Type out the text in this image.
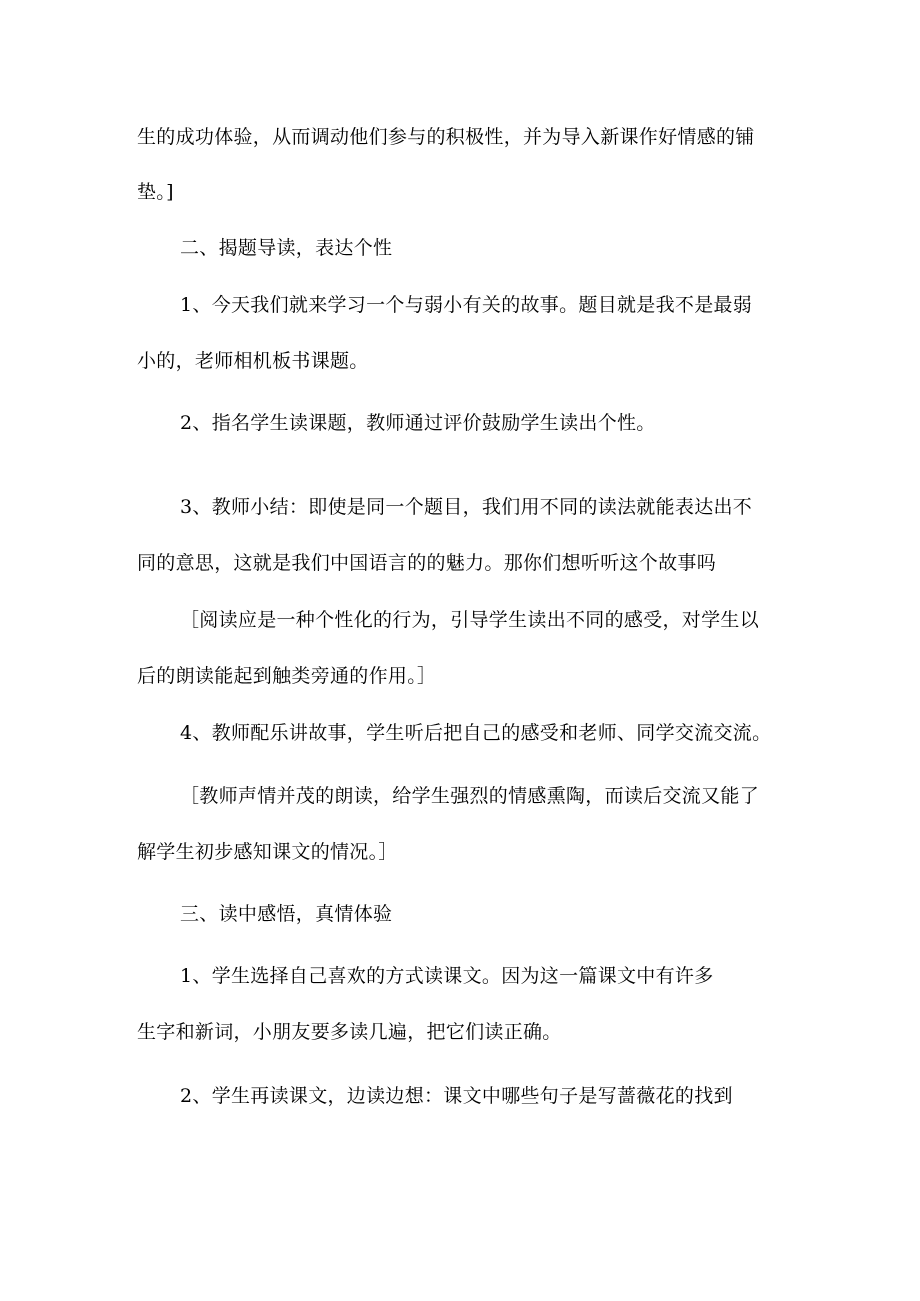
生的成功体验，从而调动他们参与的积极性，并为导入新课作好情感的铺
垫。]
二、揭题导读，表达个性
1、今天我们就来学习一个与弱小有关的故事。题目就是我不是最弱
小的，老师相机板书课题。
2、指名学生读课题，教师通过评价鼓励学生读出个性。
3、教师小结：即使是同一个题目，我们用不同的读法就能表达出不
同的意思，这就是我们中国语言的的魅力。那你们想听听这个故事吗
［阅读应是一种个性化的行为，引导学生读出不同的感受，对学生以
后的朗读能起到触类旁通的作用。］
4、教师配乐讲故事，学生听后把自己的感受和老师、同学交流交流。
［教师声情并茂的朗读，给学生强烈的情感熏陶，而读后交流又能了
解学生初步感知课文的情况。］
三、读中感悟，真情体验
1、学生选择自己喜欢的方式读课文。因为这一篇课文中有许多
生字和新词，小朋友要多读几遍，把它们读正确。
2、学生再读课文，边读边想：课文中哪些句子是写蔷薇花的找到
